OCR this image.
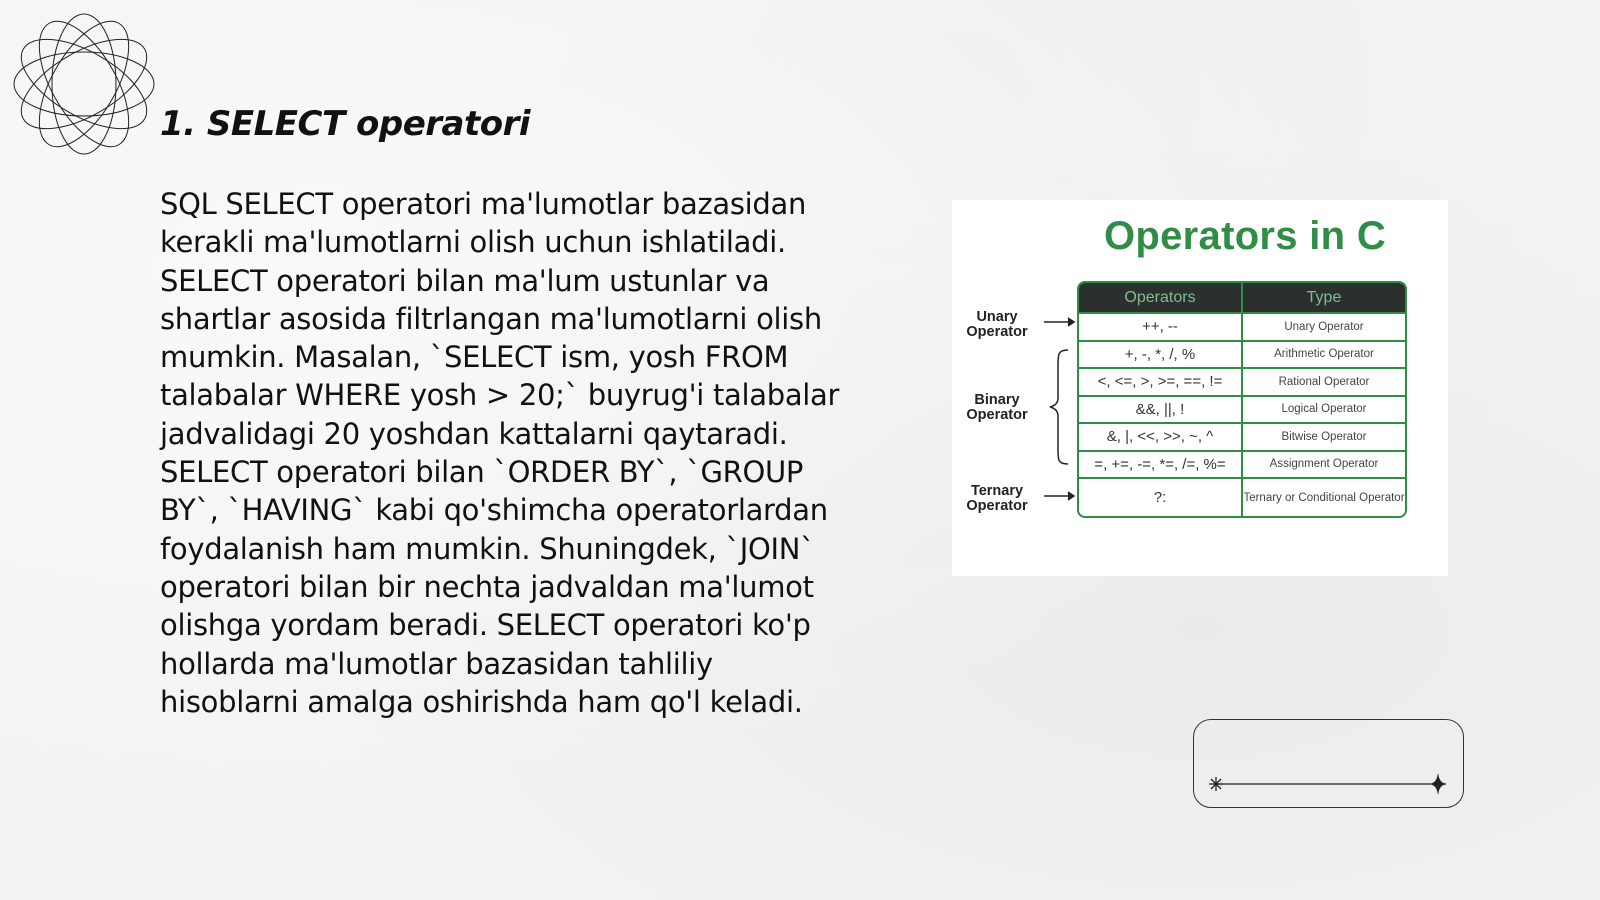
1. SELECT operatori

SQL SELECT operatori ma'lumotlar bazasidan kerakli ma'lumotlarni olish uchun ishlatiladi. SELECT operatori bilan ma'lum ustunlar va shartlar asosida filtrlangan ma'lumotlarni olish mumkin. Masalan, `SELECT ism, yosh FROM talabalar WHERE yosh > 20;` buyrug'i talabalar jadvalidagi 20 yoshdan kattalarni qaytaradi. SELECT operatori bilan `ORDER BY`, `GROUP BY`, `HAVING` kabi qo'shimcha operatorlardan foydalanish ham mumkin. Shuningdek, `JOIN` operatori bilan bir nechta jadvaldan ma'lumot olishga yordam beradi. SELECT operatori ko'p hollarda ma'lumotlar bazasidan tahliliy hisoblarni amalga oshirishda ham qo'l keladi.

Operators in C
Unary
Operator
Binary
Operator
Ternary
Operator
Operators	Type
++, --	Unary Operator
+, -, *, /, %	Arithmetic Operator
<, <=, >, >=, ==, !=	Rational Operator
&&, ||, !	Logical Operator
&, |, <<, >>, ~, ^	Bitwise Operator
=, +=, -=, *=, /=, %=	Assignment Operator
?:	Ternary or Conditional Operator
